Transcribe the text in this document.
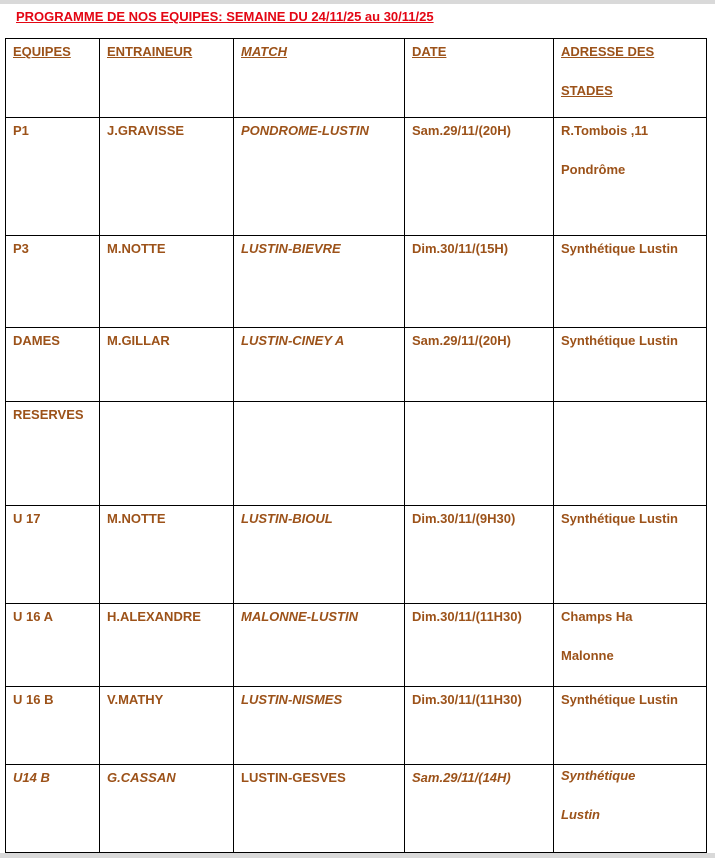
PROGRAMME DE NOS EQUIPES: SEMAINE DU 24/11/25 au 30/11/25
EQUIPES	ENTRAINEUR	MATCH	DATE	ADRESSE DES
STADES

P1	J.GRAVISSE	PONDROME-LUSTIN	Sam.29/11/(20H)	R.Tombois ,11
Pondrôme

P3	M.NOTTE	LUSTIN-BIEVRE	Dim.30/11/(15H)	Synthétique Lustin

DAMES	M.GILLAR	LUSTIN-CINEY A	Sam.29/11/(20H)	Synthétique Lustin

RESERVES				

U 17	M.NOTTE	LUSTIN-BIOUL	Dim.30/11/(9H30)	Synthétique Lustin

U 16 A	H.ALEXANDRE	MALONNE-LUSTIN	Dim.30/11/(11H30)	Champs Ha
Malonne

U 16 B	V.MATHY	LUSTIN-NISMES	Dim.30/11/(11H30)	Synthétique Lustin

U14 B	G.CASSAN	LUSTIN-GESVES	Sam.29/11/(14H)	Synthétique
Lustin
